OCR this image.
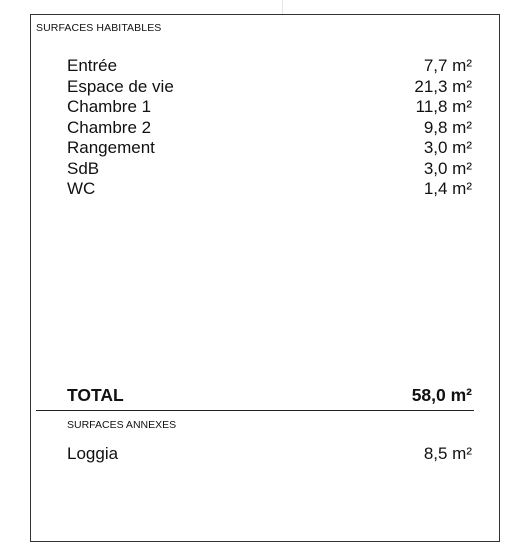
SURFACES HABITABLES
Entrée	7,7 m²
Espace de vie	21,3 m²
Chambre 1	11,8 m²
Chambre 2	9,8 m²
Rangement	3,0 m²
SdB	3,0 m²
WC	1,4 m²
TOTAL	58,0 m²
SURFACES ANNEXES
Loggia	8,5 m²
